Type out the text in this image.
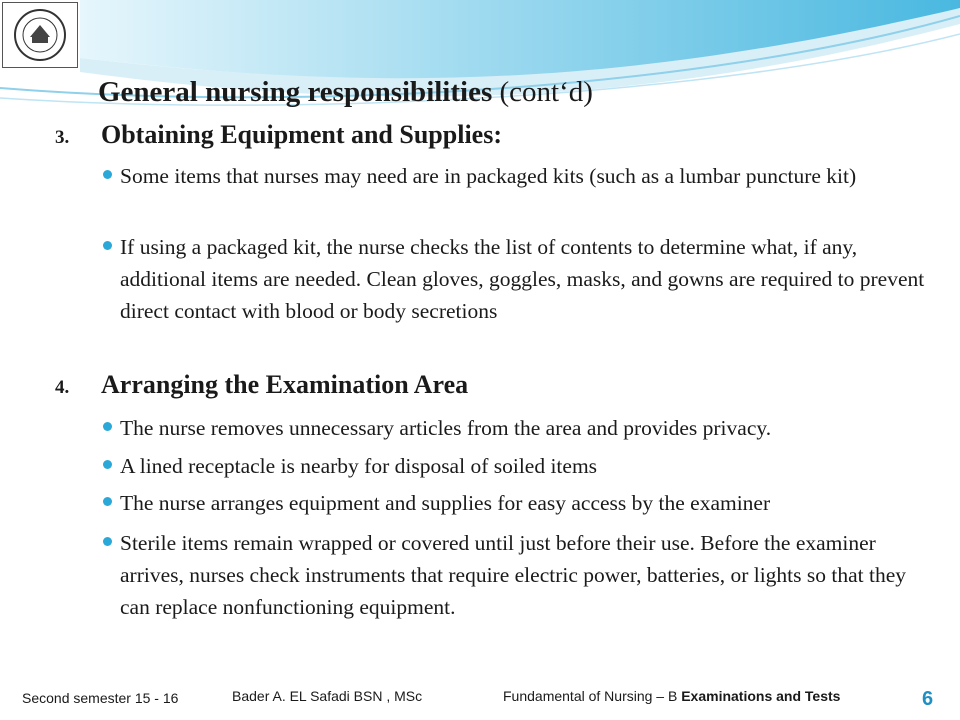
General nursing responsibilities (cont‘d)
3. Obtaining Equipment and Supplies:
Some items that nurses may need are in packaged kits (such as a lumbar puncture kit)
If using a packaged kit, the nurse checks the list of contents to determine what, if any, additional items are needed. Clean gloves, goggles, masks, and gowns are required to prevent direct contact with blood or body secretions
4. Arranging the Examination Area
The nurse removes unnecessary articles from the area and provides privacy.
A lined receptacle is nearby for disposal of soiled items
The nurse arranges equipment and supplies for easy access by the examiner
Sterile items remain wrapped or covered until just before their use. Before the examiner arrives, nurses check instruments that require electric power, batteries, or lights so that they can replace nonfunctioning equipment.
Second semester 15 - 16	Bader A. EL Safadi BSN , MSc	Fundamental of Nursing – B Examinations and Tests	6
